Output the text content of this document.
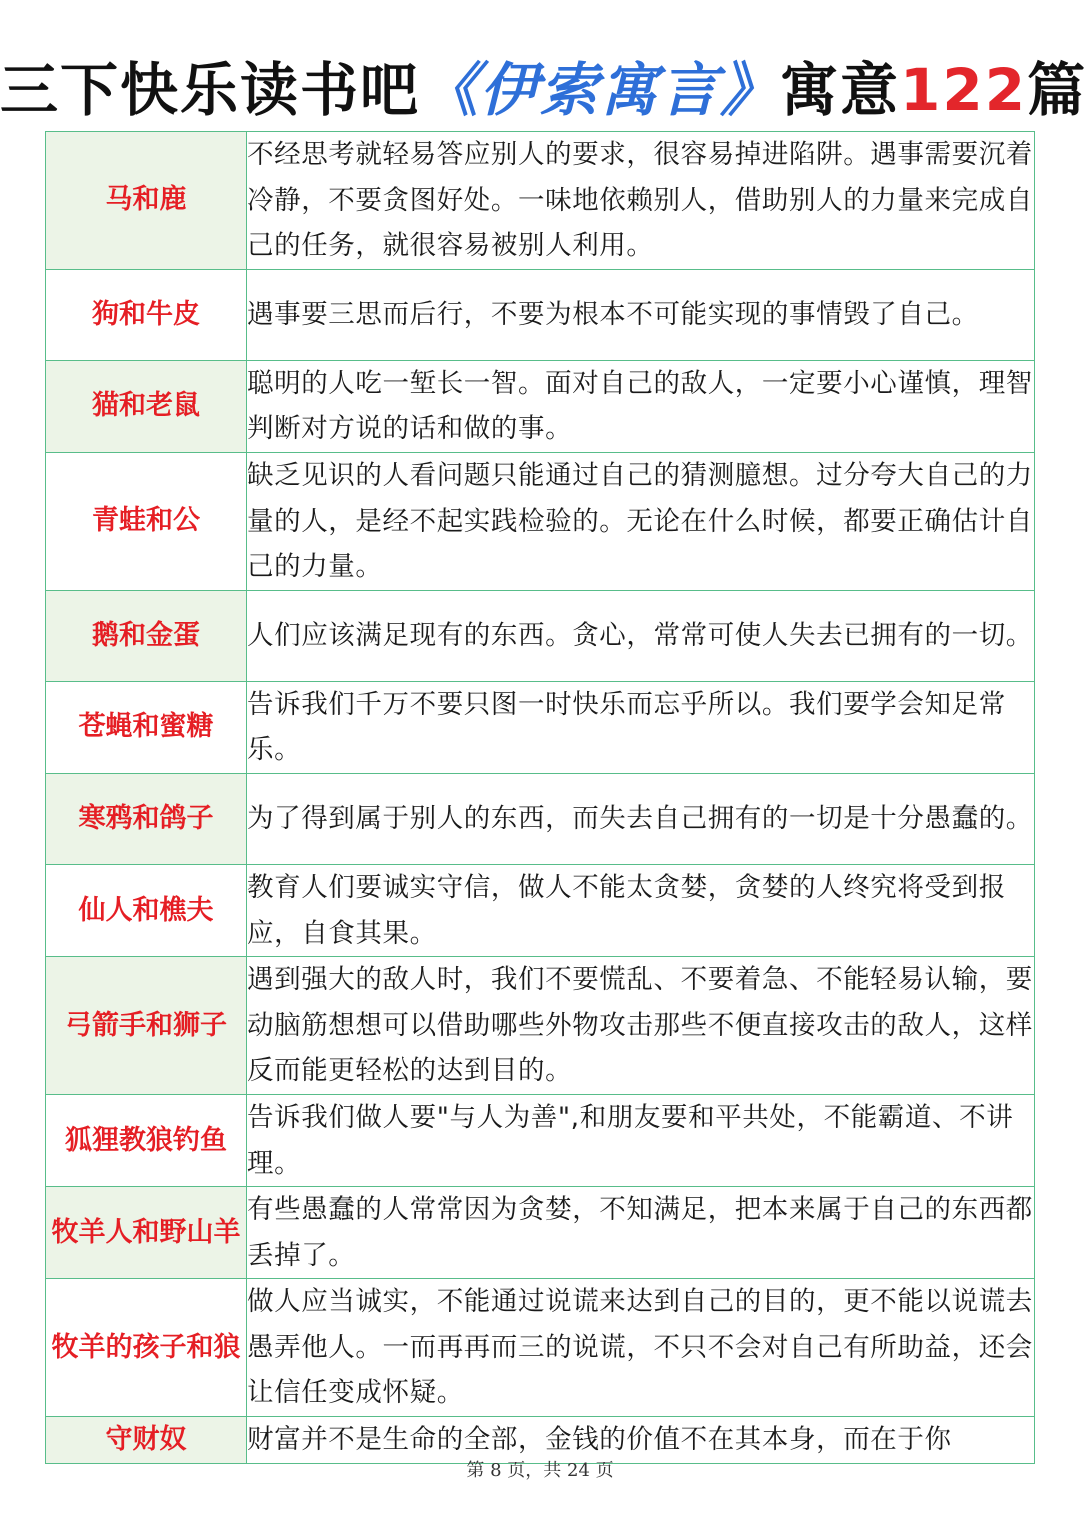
三下快乐读书吧《伊索寓言》寓意122篇
马和鹿	不经思考就轻易答应别人的要求，很容易掉进陷阱。遇事需要沉着冷静，不要贪图好处。一味地依赖别人，借助别人的力量来完成自己的任务，就很容易被别人利用。
狗和牛皮	遇事要三思而后行，不要为根本不可能实现的事情毁了自己。
猫和老鼠	聪明的人吃一堑长一智。面对自己的敌人，一定要小心谨慎，理智判断对方说的话和做的事。
青蛙和公	缺乏见识的人看问题只能通过自己的猜测臆想。过分夸大自己的力量的人，是经不起实践检验的。无论在什么时候，都要正确估计自己的力量。
鹅和金蛋	人们应该满足现有的东西。贪心，常常可使人失去已拥有的一切。
苍蝇和蜜糖	告诉我们千万不要只图一时快乐而忘乎所以。我们要学会知足常乐。
寒鸦和鸽子	为了得到属于别人的东西，而失去自己拥有的一切是十分愚蠢的。
仙人和樵夫	教育人们要诚实守信，做人不能太贪婪，贪婪的人终究将受到报应，自食其果。
弓箭手和狮子	遇到强大的敌人时，我们不要慌乱、不要着急、不能轻易认输，要动脑筋想想可以借助哪些外物攻击那些不便直接攻击的敌人，这样反而能更轻松的达到目的。
狐狸教狼钓鱼	告诉我们做人要"与人为善",和朋友要和平共处，不能霸道、不讲理。
牧羊人和野山羊	有些愚蠢的人常常因为贪婪，不知满足，把本来属于自己的东西都丢掉了。
牧羊的孩子和狼	做人应当诚实，不能通过说谎来达到自己的目的，更不能以说谎去愚弄他人。一而再再而三的说谎，不只不会对自己有所助益，还会让信任变成怀疑。
守财奴	财富并不是生命的全部，金钱的价值不在其本身，而在于你
第 8 页，共 24 页
